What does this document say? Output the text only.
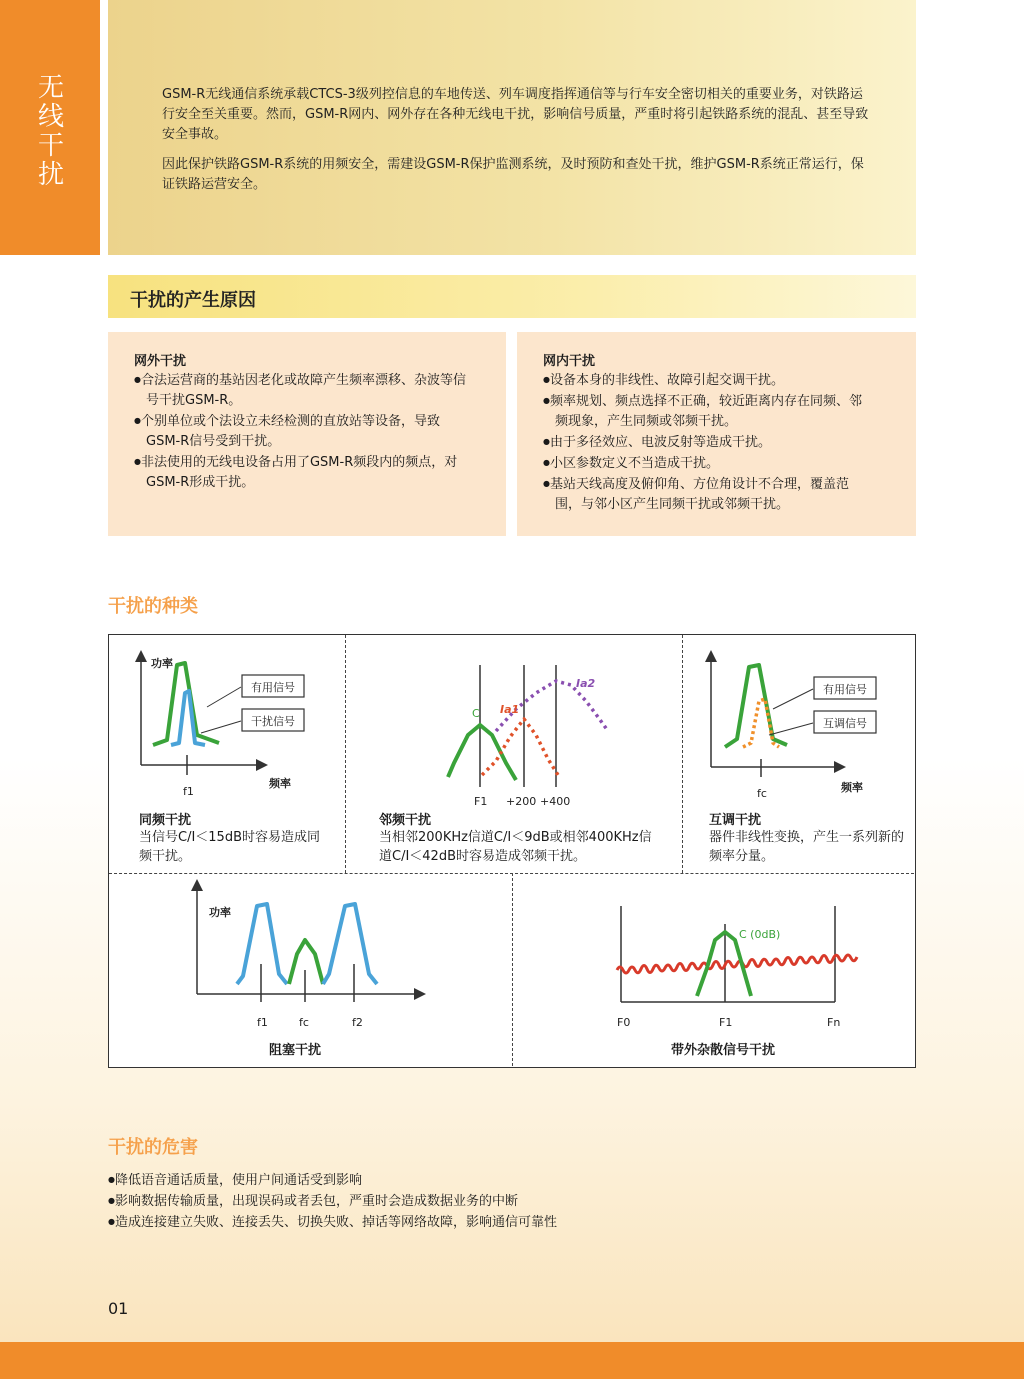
无线干扰

GSM-R无线通信系统承载CTCS-3级列控信息的车地传送、列车调度指挥通信等与行车安全密切相关的重要业务，对铁路运行安全至关重要。然而，GSM-R网内、网外存在各种无线电干扰，影响信号质量，严重时将引起铁路系统的混乱、甚至导致安全事故。

因此保护铁路GSM-R系统的用频安全，需建设GSM-R保护监测系统，及时预防和查处干扰，维护GSM-R系统正常运行，保证铁路运营安全。

干扰的产生原因
网外干扰
● 合法运营商的基站因老化或故障产生频率漂移、杂波等信号干扰GSM-R。
● 个别单位或个法设立未经检测的直放站等设备，导致GSM-R信号受到干扰。
● 非法使用的无线电设备占用了GSM-R频段内的频点，对GSM-R形成干扰。
网内干扰
● 设备本身的非线性、故障引起交调干扰。
● 频率规划、频点选择不正确，较近距离内存在同频、邻频现象，产生同频或邻频干扰。
● 由于多径效应、电波反射等造成干扰。
● 小区参数定义不当造成干扰。
● 基站天线高度及俯仰角、方位角设计不合理，覆盖范围，与邻小区产生同频干扰或邻频干扰。
干扰的种类
功率
频率
f1
有用信号
干扰信号

同频干扰

当信号C/I＜15dB时容易造成同频干扰。

C Ia1
Ia2
F1 +200 +400

邻频干扰

当相邻200KHz信道C/I＜9dB或相邻400KHz信道C/I＜42dB时容易造成邻频干扰。

fc	频率
有用信号
互调信号

互调干扰

器件非线性变换，产生一系列新的频率分量。

功率
f1	fc	f2

阻塞干扰

C (0dB)
F0	F1	Fn

带外杂散信号干扰

干扰的危害
● 降低语音通话质量，使用户间通话受到影响
● 影响数据传输质量，出现误码或者丢包，严重时会造成数据业务的中断
● 造成连接建立失败、连接丢失、切换失败、掉话等网络故障，影响通信可靠性

01
